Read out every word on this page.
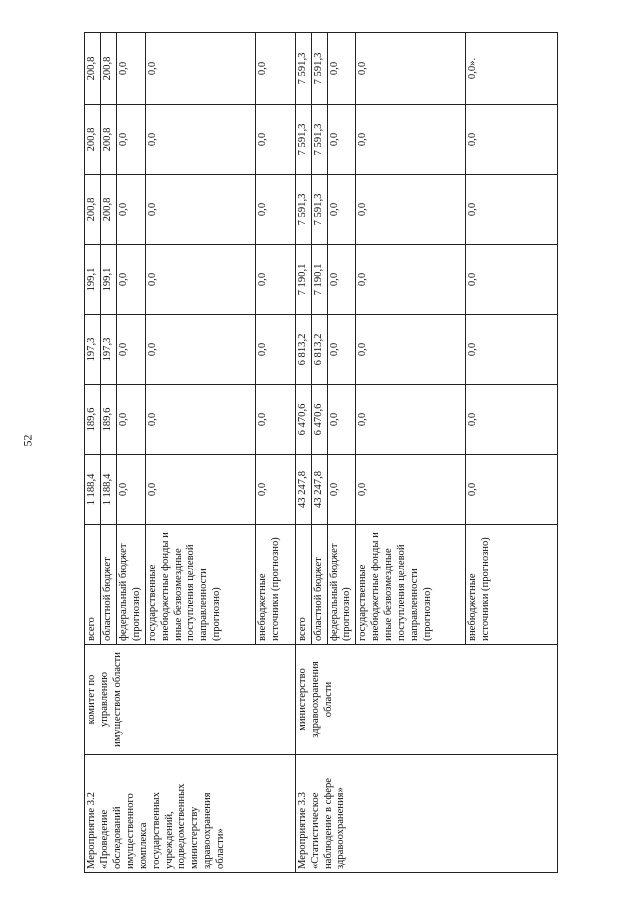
52
Мероприятие 3.2 «Проведение обследований имущественного комплекса государственных учреждений, подведомственных министерству здравоохранения области»	комитет по управлению имуществом области	всего	1 188,4	189,6	197,3	199,1	200,8	200,8	200,8
		областной бюджет	1 188,4	189,6	197,3	199,1	200,8	200,8	200,8
		федеральный бюджет (прогнозно)	0,0	0,0	0,0	0,0	0,0	0,0	0,0
		государственные внебюджетные фонды и иные безвозмездные поступления целевой направленности (прогнозно)	0,0	0,0	0,0	0,0	0,0	0,0	0,0
		внебюджетные источники (прогнозно)	0,0	0,0	0,0	0,0	0,0	0,0	0,0
Мероприятие 3.3 «Статистическое наблюдение в сфере здравоохранения»	министерство здравоохранения области	всего	43 247,8	6 470,6	6 813,2	7 190,1	7 591,3	7 591,3	7 591,3
		областной бюджет	43 247,8	6 470,6	6 813,2	7 190,1	7 591,3	7 591,3	7 591,3
		федеральный бюджет (прогнозно)	0,0	0,0	0,0	0,0	0,0	0,0	0,0
		государственные внебюджетные фонды и иные безвозмездные поступления целевой направленности (прогнозно)	0,0	0,0	0,0	0,0	0,0	0,0	0,0
		внебюджетные источники (прогнозно)	0,0	0,0	0,0	0,0	0,0	0,0	0,0».
